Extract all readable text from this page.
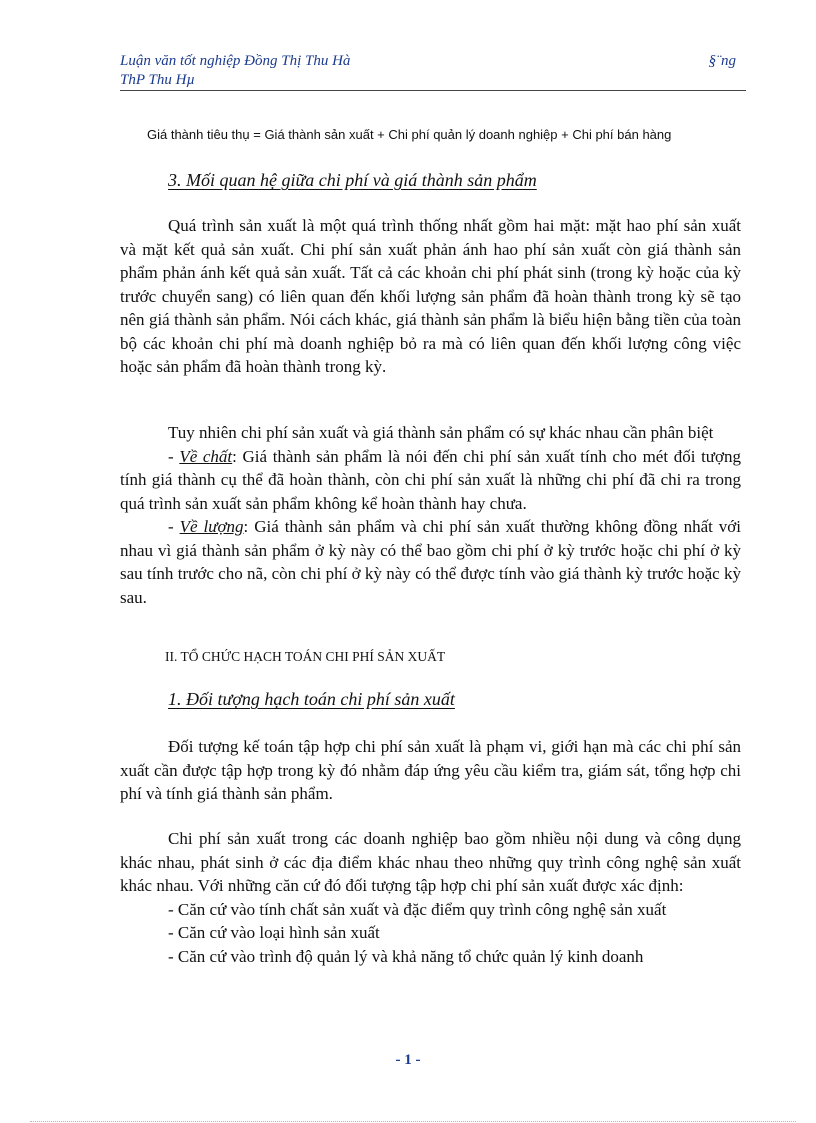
Luận văn tốt nghiệp Đồng Thị Thu Hà
ThP Thu Hµ
§¨ng
Giá thành tiêu thụ = Giá thành sản xuất + Chi phí quản lý doanh nghiệp + Chi phí bán hàng
3. Mối quan hệ giữa chi phí và giá thành sản phẩm

Quá trình sản xuất là một quá trình thống nhất gồm hai mặt: mặt hao phí sản xuất và mặt kết quả sản xuất. Chi phí sản xuất phản ánh hao phí sản xuất còn giá thành sản phẩm phản ánh kết quả sản xuất. Tất cả các khoản chi phí phát sinh (trong kỳ hoặc của kỳ trước chuyển sang) có liên quan đến khối lượng sản phẩm đã hoàn thành trong kỳ sẽ tạo nên giá thành sản phẩm. Nói cách khác, giá thành sản phẩm là biểu hiện bằng tiền của toàn bộ các khoản chi phí mà doanh nghiệp bỏ ra mà có liên quan đến khối lượng công việc hoặc sản phẩm đã hoàn thành trong kỳ.

Tuy nhiên chi phí sản xuất và giá thành sản phẩm có sự khác nhau cần phân biệt

- Về chất: Giá thành sản phẩm là nói đến chi phí sản xuất tính cho mét đối tượng tính giá thành cụ thể đã hoàn thành, còn chi phí sản xuất là những chi phí đã chi ra trong quá trình sản xuất sản phẩm không kể hoàn thành hay chưa.

- Về lượng: Giá thành sản phẩm và chi phí sản xuất thường không đồng nhất với nhau vì giá thành sản phẩm ở kỳ này có thể bao gồm chi phí ở kỳ trước hoặc chi phí ở kỳ sau tính trước cho nã, còn chi phí ở kỳ này có thể được tính vào giá thành kỳ trước hoặc kỳ sau.

II. TỔ CHỨC HẠCH TOÁN CHI PHÍ SẢN XUẤT
1. Đối tượng hạch toán chi phí sản xuất

Đối tượng kế toán tập hợp chi phí sản xuất là phạm vi, giới hạn mà các chi phí sản xuất cần được tập hợp trong kỳ đó nhằm đáp ứng yêu cầu kiểm tra, giám sát, tổng hợp chi phí và tính giá thành sản phẩm.

Chi phí sản xuất trong các doanh nghiệp bao gồm nhiều nội dung và công dụng khác nhau, phát sinh ở các địa điểm khác nhau theo những quy trình công nghệ sản xuất khác nhau. Với những căn cứ đó đối tượng tập hợp chi phí sản xuất được xác định:

- Căn cứ vào tính chất sản xuất và đặc điểm quy trình công nghệ sản xuất

- Căn cứ vào loại hình sản xuất

- Căn cứ vào trình độ quản lý và khả năng tổ chức quản lý kinh doanh

- 1 -
